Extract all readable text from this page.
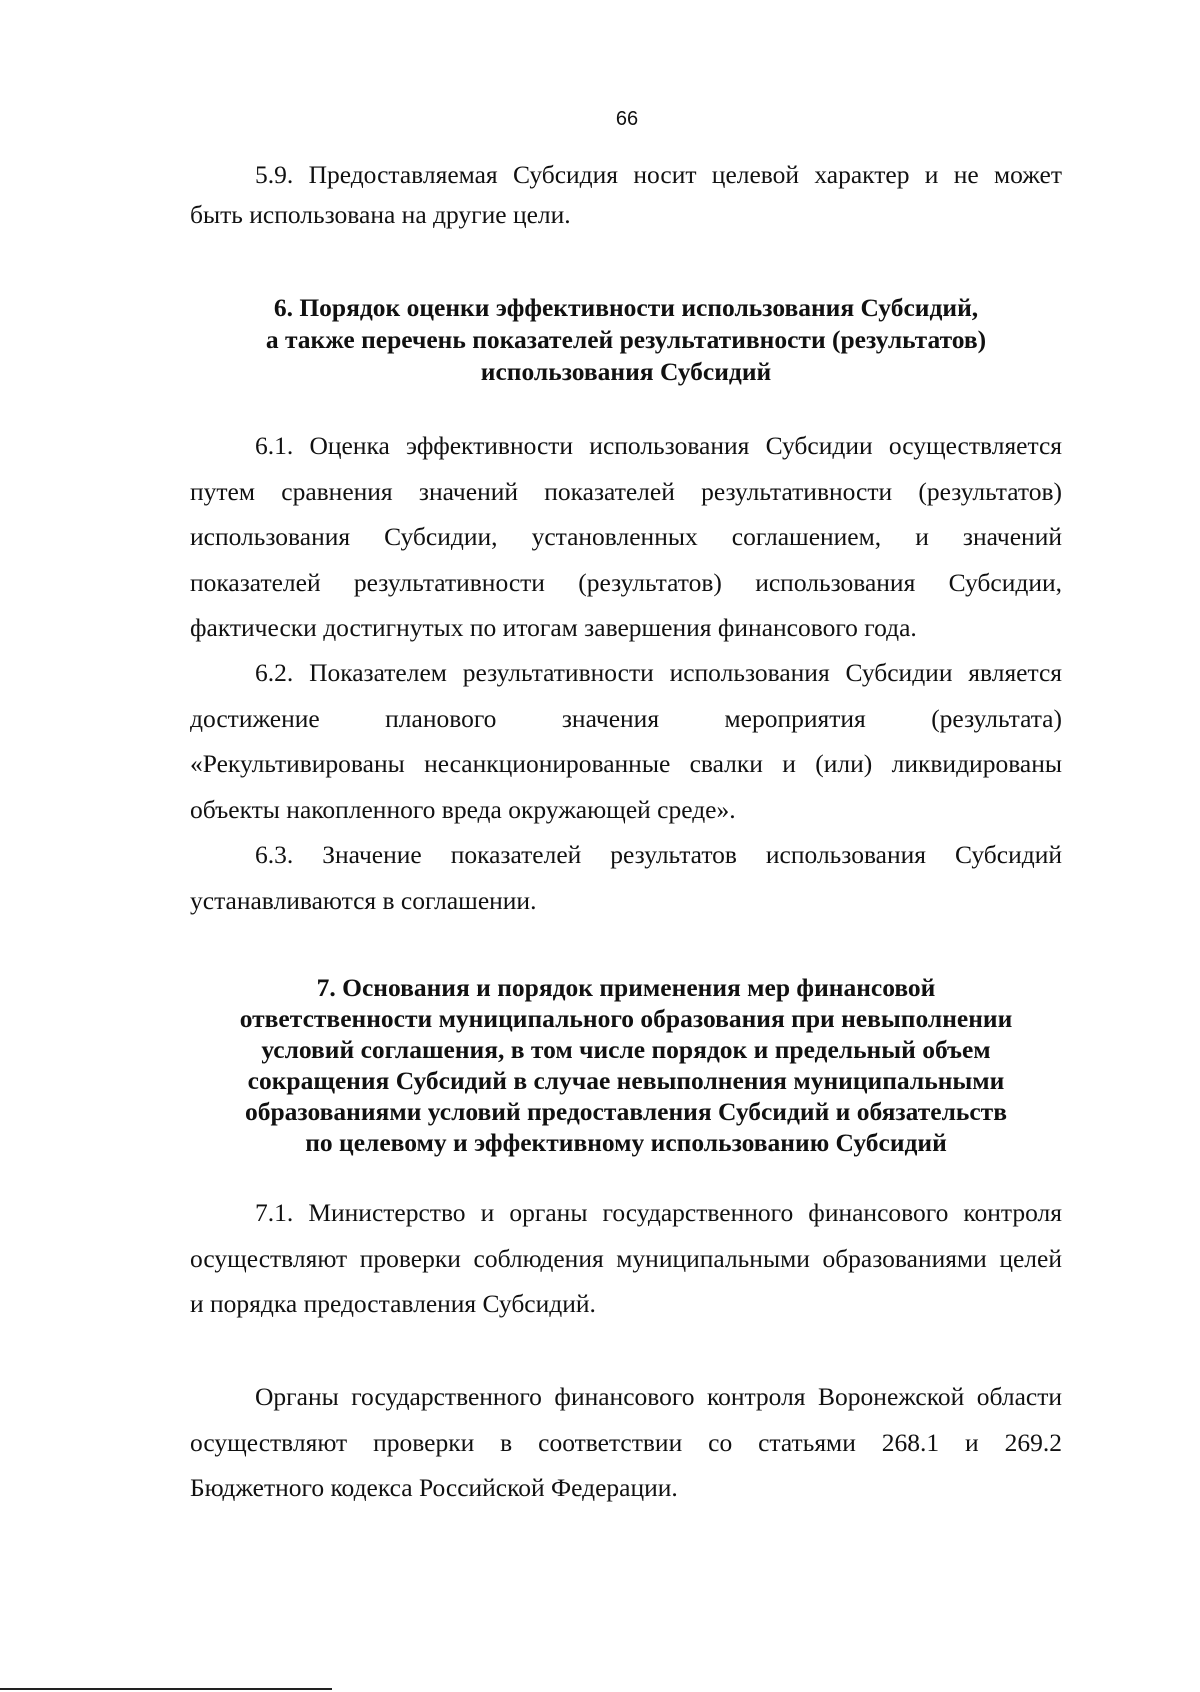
66
5.9. Предоставляемая Субсидия носит целевой характер и не может
быть использована на другие цели.
6. Порядок оценки эффективности использования Субсидий,
а также перечень показателей результативности (результатов)
использования Субсидий
6.1. Оценка эффективности использования Субсидии осуществляется
путем сравнения значений показателей результативности (результатов)
использования Субсидии, установленных соглашением, и значений
показателей результативности (результатов) использования Субсидии,
фактически достигнутых по итогам завершения финансового года.
6.2. Показателем результативности использования Субсидии является
достижение планового значения мероприятия (результата)
«Рекультивированы несанкционированные свалки и (или) ликвидированы
объекты накопленного вреда окружающей среде».
6.3. Значение показателей результатов использования Субсидий
устанавливаются в соглашении.
7. Основания и порядок применения мер финансовой
ответственности муниципального образования при невыполнении
условий соглашения, в том числе порядок и предельный объем
сокращения Субсидий в случае невыполнения муниципальными
образованиями условий предоставления Субсидий и обязательств
по целевому и эффективному использованию Субсидий
7.1. Министерство и органы государственного финансового контроля
осуществляют проверки соблюдения муниципальными образованиями целей
и порядка предоставления Субсидий.
Органы государственного финансового контроля Воронежской области
осуществляют проверки в соответствии со статьями 268.1 и 269.2
Бюджетного кодекса Российской Федерации.
